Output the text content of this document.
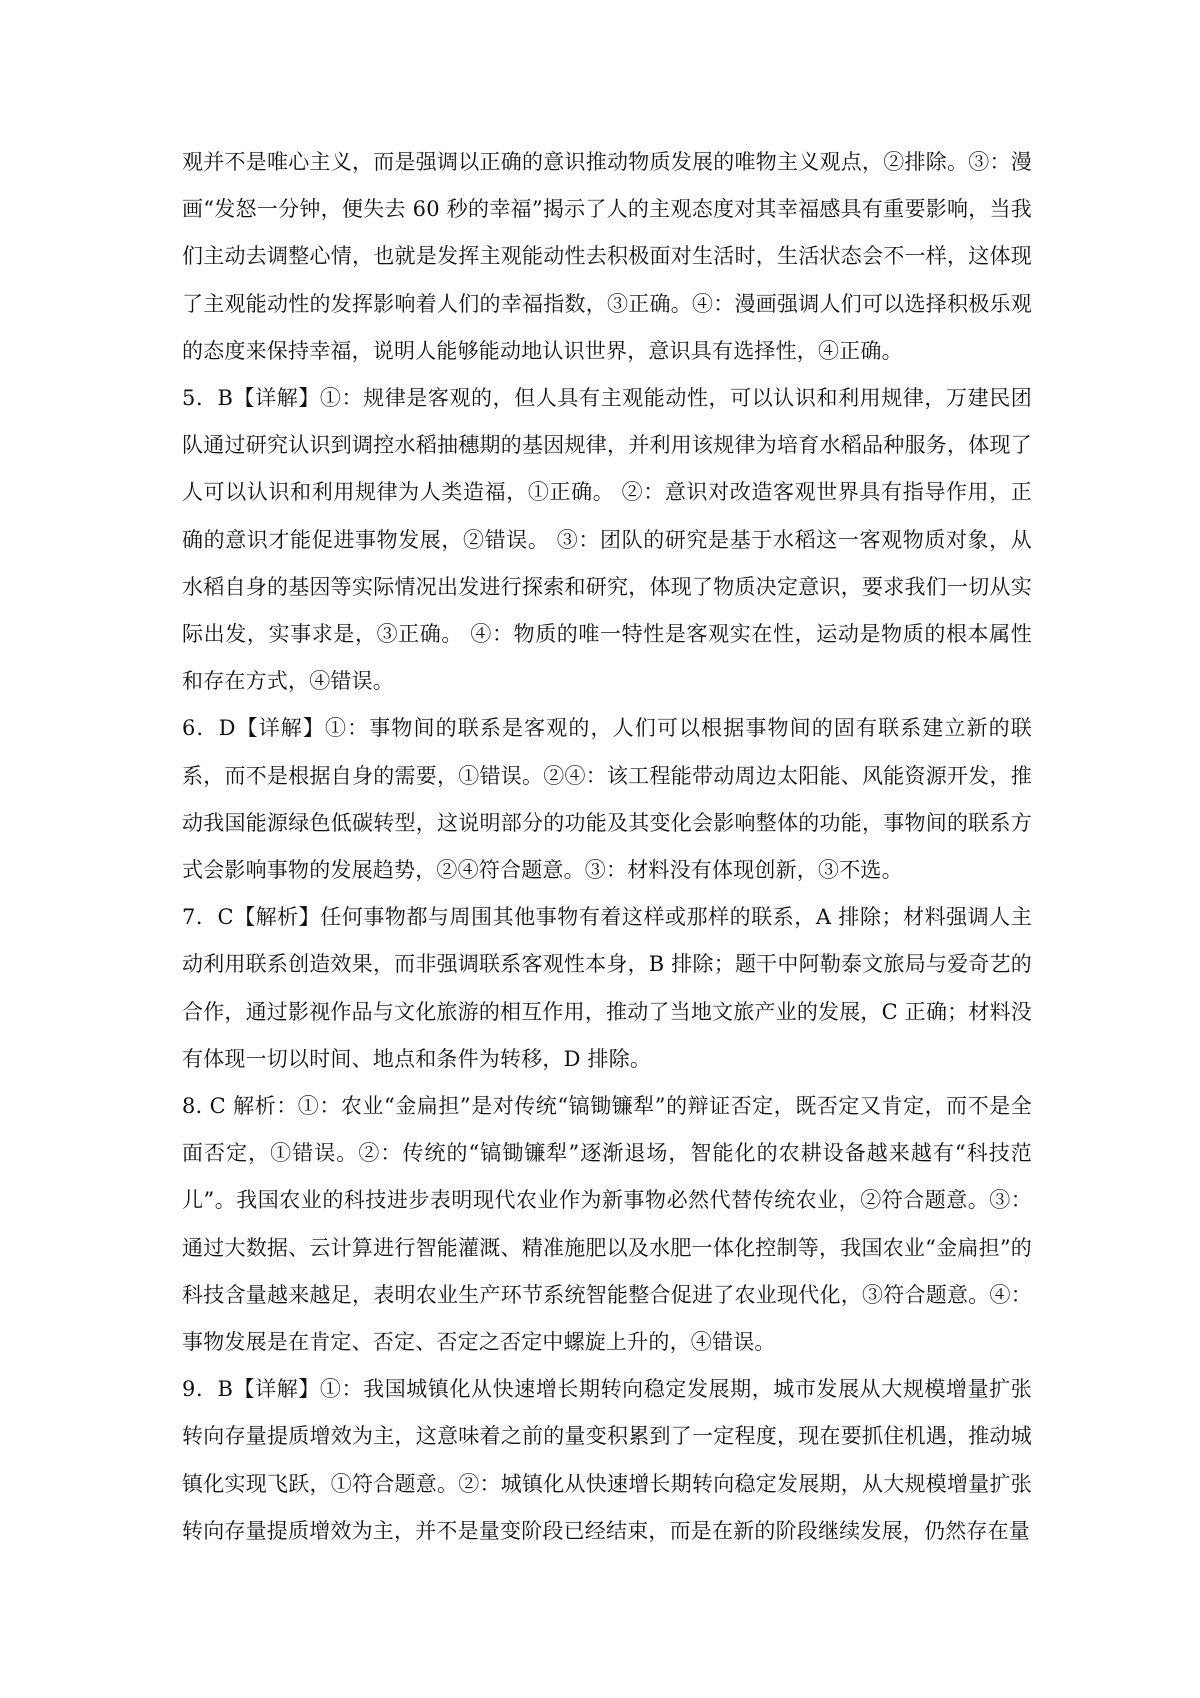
观并不是唯心主义，而是强调以正确的意识推动物质发展的唯物主义观点，②排除。③：漫画“发怒一分钟，便失去 60 秒的幸福”揭示了人的主观态度对其幸福感具有重要影响，当我们主动去调整心情，也就是发挥主观能动性去积极面对生活时，生活状态会不一样，这体现了主观能动性的发挥影响着人们的幸福指数，③正确。④：漫画强调人们可以选择积极乐观的态度来保持幸福，说明人能够能动地认识世界，意识具有选择性，④正确。

5．B【详解】①：规律是客观的，但人具有主观能动性，可以认识和利用规律，万建民团队通过研究认识到调控水稻抽穗期的基因规律，并利用该规律为培育水稻品种服务，体现了人可以认识和利用规律为人类造福，①正确。 ②：意识对改造客观世界具有指导作用，正确的意识才能促进事物发展，②错误。 ③：团队的研究是基于水稻这一客观物质对象，从水稻自身的基因等实际情况出发进行探索和研究，体现了物质决定意识，要求我们一切从实际出发，实事求是，③正确。 ④：物质的唯一特性是客观实在性，运动是物质的根本属性和存在方式，④错误。

6．D【详解】①：事物间的联系是客观的，人们可以根据事物间的固有联系建立新的联系，而不是根据自身的需要，①错误。②④：该工程能带动周边太阳能、风能资源开发，推动我国能源绿色低碳转型，这说明部分的功能及其变化会影响整体的功能，事物间的联系方式会影响事物的发展趋势，②④符合题意。③：材料没有体现创新，③不选。

7．C【解析】任何事物都与周围其他事物有着这样或那样的联系，A 排除；材料强调人主动利用联系创造效果，而非强调联系客观性本身，B 排除；题干中阿勒泰文旅局与爱奇艺的合作，通过影视作品与文化旅游的相互作用，推动了当地文旅产业的发展，C 正确；材料没有体现一切以时间、地点和条件为转移，D 排除。

8. C 解析：①：农业“金扁担”是对传统“镐锄镰犁”的辩证否定，既否定又肯定，而不是全面否定，①错误。②：传统的“镐锄镰犁”逐渐退场，智能化的农耕设备越来越有“科技范儿”。我国农业的科技进步表明现代农业作为新事物必然代替传统农业，②符合题意。③：通过大数据、云计算进行智能灌溉、精准施肥以及水肥一体化控制等，我国农业“金扁担”的科技含量越来越足，表明农业生产环节系统智能整合促进了农业现代化，③符合题意。④：事物发展是在肯定、否定、否定之否定中螺旋上升的，④错误。

9．B【详解】①：我国城镇化从快速增长期转向稳定发展期，城市发展从大规模增量扩张转向存量提质增效为主，这意味着之前的量变积累到了一定程度，现在要抓住机遇，推动城镇化实现飞跃，①符合题意。②：城镇化从快速增长期转向稳定发展期，从大规模增量扩张转向存量提质增效为主，并不是量变阶段已经结束，而是在新的阶段继续发展，仍然存在量
